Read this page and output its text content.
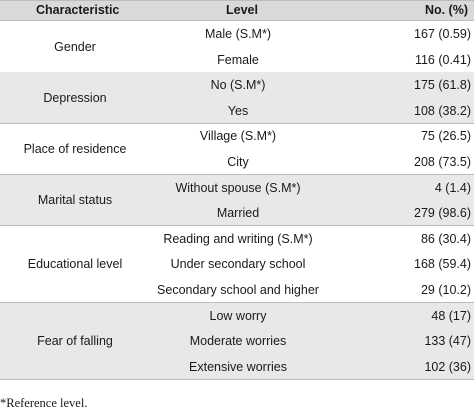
Characteristic	Level	No. (%)
Gender
Male (S.M*)	167 (0.59)
Female	116 (0.41)
Depression
No (S.M*)	175 (61.8)
Yes	108 (38.2)
Place of residence
Village (S.M*)	75 (26.5)
City	208 (73.5)
Marital status
Without spouse (S.M*)	4 (1.4)
Married	279 (98.6)
Educational level
Reading and writing (S.M*)	86 (30.4)
Under secondary school	168 (59.4)
Secondary school and higher	29 (10.2)
Fear of falling
Low worry	48 (17)
Moderate worries	133 (47)
Extensive worries	102 (36)
*Reference level.
